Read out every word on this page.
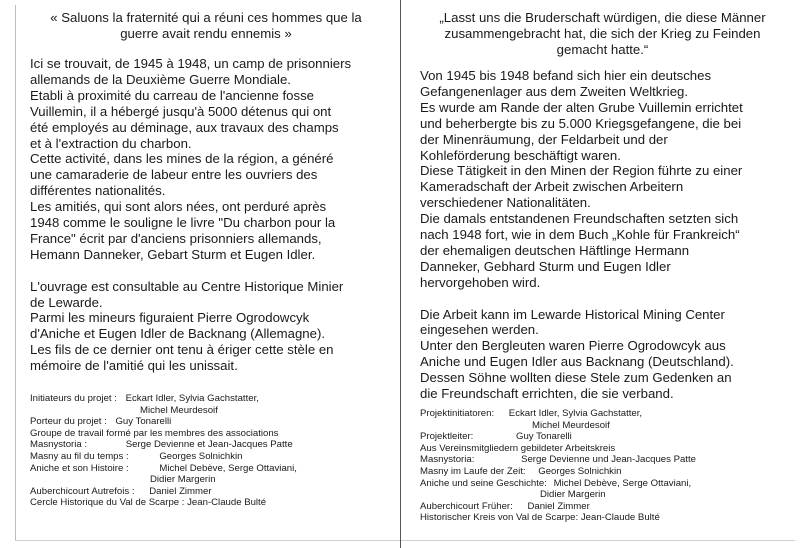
« Saluons la fraternité qui a réuni ces hommes que la
guerre avait rendu ennemis »
Ici se trouvait, de 1945 à 1948, un camp de prisonniers
allemands de la Deuxième Guerre Mondiale.
Etabli à proximité du carreau de l'ancienne fosse
Vuillemin, il a hébergé jusqu'à 5000 détenus qui ont
été employés au déminage, aux travaux des champs
et à l'extraction du charbon.
Cette activité, dans les mines de la région, a généré
une camaraderie de labeur entre les ouvriers des
différentes nationalités.
Les amitiés, qui sont alors nées, ont perduré après
1948 comme le souligne le livre "Du charbon pour la
France" écrit par d'anciens prisonniers allemands,
Hemann Danneker, Gebart Sturm et Eugen Idler.
L'ouvrage est consultable au Centre Historique Minier
de Lewarde.
Parmi les mineurs figuraient Pierre Ogrodowcyk
d'Aniche et Eugen Idler de Backnang (Allemagne).
Les fils de ce dernier ont tenu à ériger cette stèle en
mémoire de l'amitié qui les unissait.
Initiateurs du projet : Eckart Idler, Sylvia Gachstatter,
Michel Meurdesoif
Porteur du projet : Guy Tonarelli
Groupe de travail formé par les membres des associations
Masnystoria :	Serge Devienne et Jean-Jacques Patte
Masny au fil du temps :	Georges Solnichkin
Aniche et son Histoire :	Michel Debève, Serge Ottaviani,
Didier Margerin
Auberchicourt Autrefois : Daniel Zimmer
Cercle Historique du Val de Scarpe : Jean-Claude Bulté
„Lasst uns die Bruderschaft würdigen, die diese Männer
zusammengebracht hat, die sich der Krieg zu Feinden
gemacht hatte.“
Von 1945 bis 1948 befand sich hier ein deutsches
Gefangenenlager aus dem Zweiten Weltkrieg.
Es wurde am Rande der alten Grube Vuillemin errichtet
und beherbergte bis zu 5.000 Kriegsgefangene, die bei
der Minenräumung, der Feldarbeit und der
Kohleförderung beschäftigt waren.
Diese Tätigkeit in den Minen der Region führte zu einer
Kameradschaft der Arbeit zwischen Arbeitern
verschiedener Nationalitäten.
Die damals entstandenen Freundschaften setzten sich
nach 1948 fort, wie in dem Buch „Kohle für Frankreich“
der ehemaligen deutschen Häftlinge Hermann
Danneker, Gebhard Sturm und Eugen Idler
hervorgehoben wird.
Die Arbeit kann im Lewarde Historical Mining Center
eingesehen werden.
Unter den Bergleuten waren Pierre Ogrodowcyk aus
Aniche und Eugen Idler aus Backnang (Deutschland).
Dessen Söhne wollten diese Stele zum Gedenken an
die Freundschaft errichten, die sie verband.
Projektinitiatoren: Eckart Idler, Sylvia Gachstatter,
Michel Meurdesoif
Projektleiter:	Guy Tonarelli
Aus Vereinsmitgliedern gebildeter Arbeitskreis
Masnystoria:	Serge Devienne und Jean-Jacques Patte
Masny im Laufe der Zeit: Georges Solnichkin
Aniche und seine Geschichte: Michel Debève, Serge Ottaviani,
Didier Margerin
Auberchicourt Früher: Daniel Zimmer
Historischer Kreis von Val de Scarpe: Jean-Claude Bulté
